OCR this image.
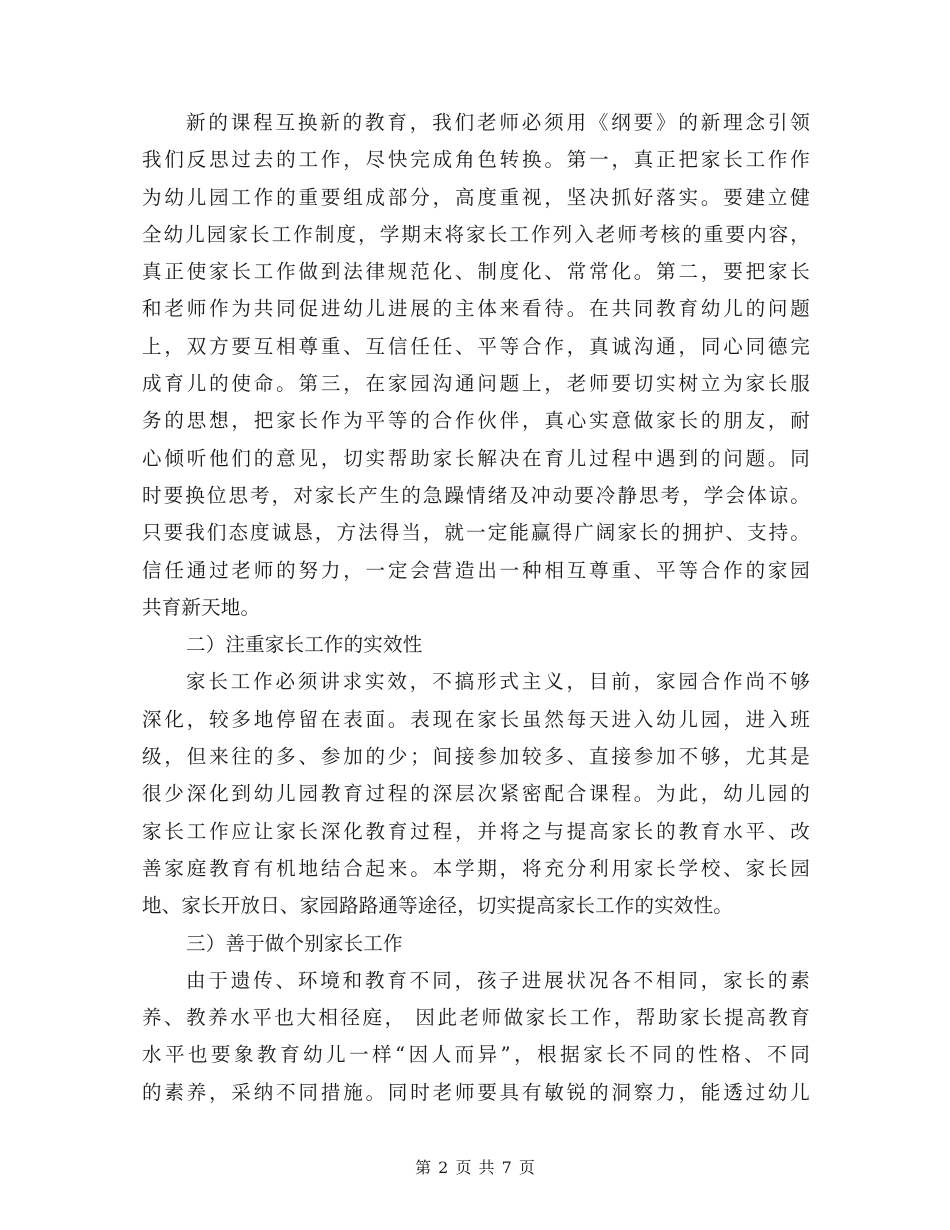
新的课程互换新的教育，我们老师必须用《纲要》的新理念引领
我们反思过去的工作，尽快完成角色转换。第一，真正把家长工作作
为幼儿园工作的重要组成部分，高度重视，坚决抓好落实。要建立健
全幼儿园家长工作制度，学期末将家长工作列入老师考核的重要内容，
真正使家长工作做到法律规范化、制度化、常常化。第二，要把家长
和老师作为共同促进幼儿进展的主体来看待。在共同教育幼儿的问题
上，双方要互相尊重、互信任任、平等合作，真诚沟通，同心同德完
成育儿的使命。第三，在家园沟通问题上，老师要切实树立为家长服
务的思想，把家长作为平等的合作伙伴，真心实意做家长的朋友，耐
心倾听他们的意见，切实帮助家长解决在育儿过程中遇到的问题。同
时要换位思考，对家长产生的急躁情绪及冲动要冷静思考，学会体谅。
只要我们态度诚恳，方法得当，就一定能赢得广阔家长的拥护、支持。
信任通过老师的努力，一定会营造出一种相互尊重、平等合作的家园
共育新天地。
二）注重家长工作的实效性
家长工作必须讲求实效，不搞形式主义，目前，家园合作尚不够
深化，较多地停留在表面。表现在家长虽然每天进入幼儿园，进入班
级，但来往的多、参加的少；间接参加较多、直接参加不够，尤其是
很少深化到幼儿园教育过程的深层次紧密配合课程。为此，幼儿园的
家长工作应让家长深化教育过程，并将之与提高家长的教育水平、改
善家庭教育有机地结合起来。本学期，将充分利用家长学校、家长园
地、家长开放日、家园路路通等途径，切实提高家长工作的实效性。
三）善于做个别家长工作
由于遗传、环境和教育不同，孩子进展状况各不相同，家长的素
养、教养水平也大相径庭， 因此老师做家长工作，帮助家长提高教育
水平也要象教育幼儿一样“因人而异”，根据家长不同的性格、不同
的素养，采纳不同措施。同时老师要具有敏锐的洞察力，能透过幼儿
第 2 页 共 7 页
